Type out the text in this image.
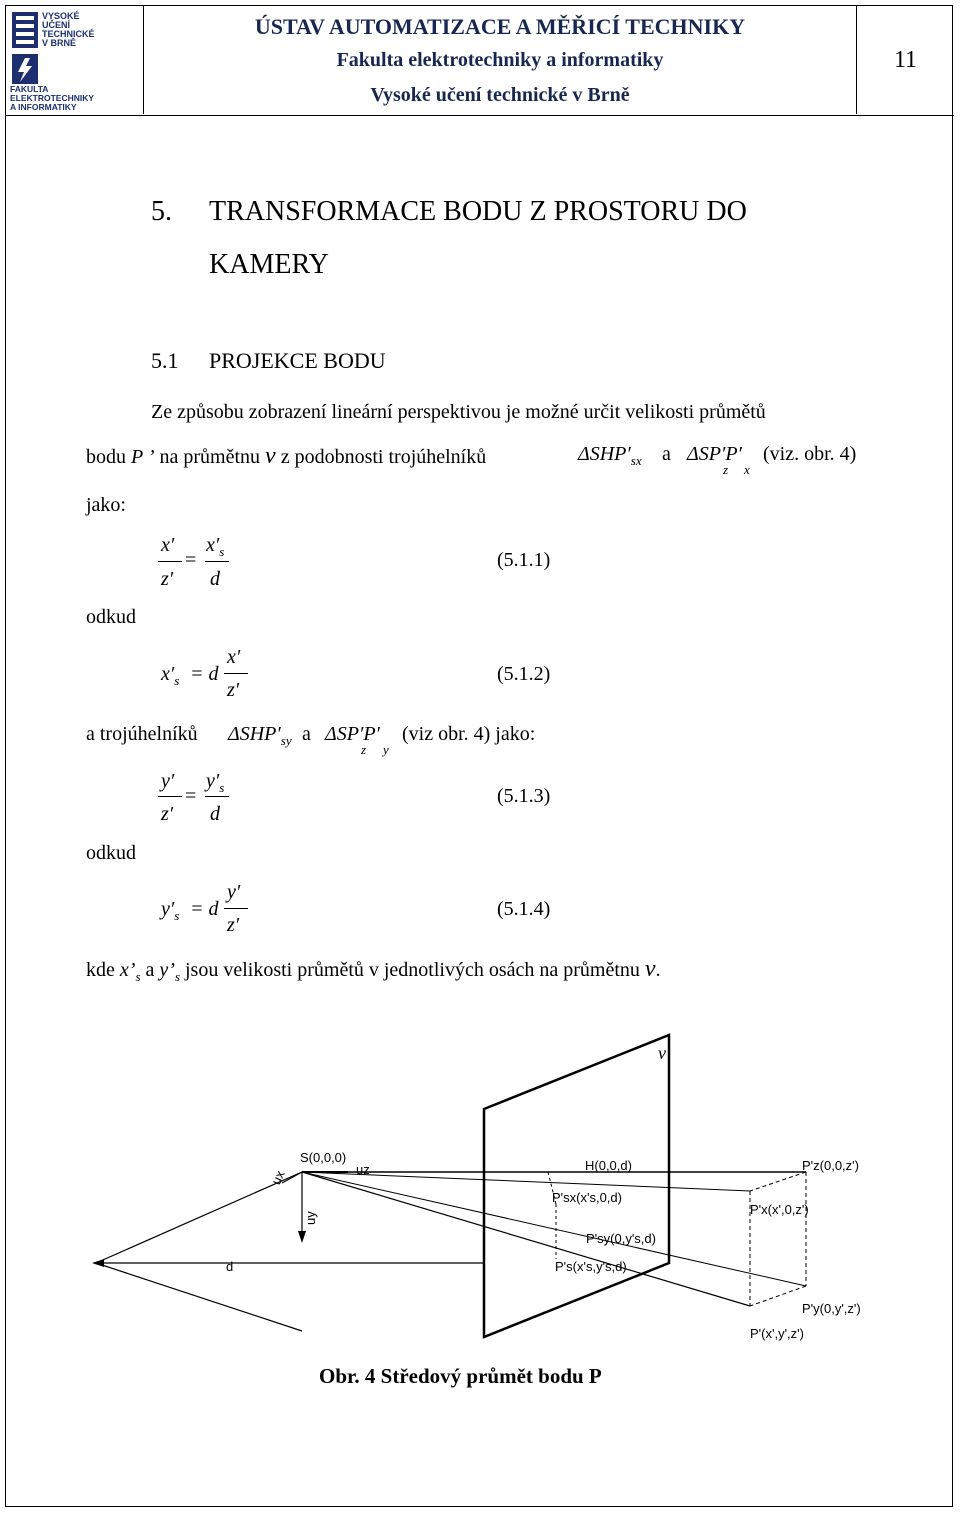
VYSOKÉ
UČENÍ
TECHNICKÉ
V BRNĚ
FAKULTA
ELEKTROTECHNIKY
A INFORMATIKY
ÚSTAV AUTOMATIZACE A MĚŘICÍ TECHNIKY
Fakulta elektrotechniky a informatiky
Vysoké učení technické v Brně
11
5. TRANSFORMACE BODU Z PROSTORU DO
KAMERY
5.1 PROJEKCE BODU
Ze způsobu zobrazení lineární perspektivou je možné určit velikosti průmětů
bodu P ’ na průmětnu ν z podobnosti trojúhelníků	$\Delta SHP'_{sx}$ a ΔSP′P′
z x
(viz. obr. 4)
jako:
x′
z′
=
$x'_s$
d
(5.1.1)
odkud
$x'_s = d$
x′
z′
(5.1.2)
a trojúhelníků $\Delta SHP'_{sy}$ a ΔSP′P′
z y
(viz obr. 4) jako:
y′
z′
=
$y'_s$
d
(5.1.3)
odkud
$y'_s = d$
y′
z′
(5.1.4)
kde $x’_s$ a $y’_s$ jsou velikosti průmětů v jednotlivých osách na průmětnu ν.
ν
d
S(0,0,0)
uz
ux
uy
H(0,0,d)	P'z(0,0,z')
P'sx(x's,0,d)
P'x(x',0,z')
P'sy(0,y's,d)
P's(x's,y's,d)
P'y(0,y',z')
P'(x',y',z')
Obr. 4 Středový průmět bodu P
